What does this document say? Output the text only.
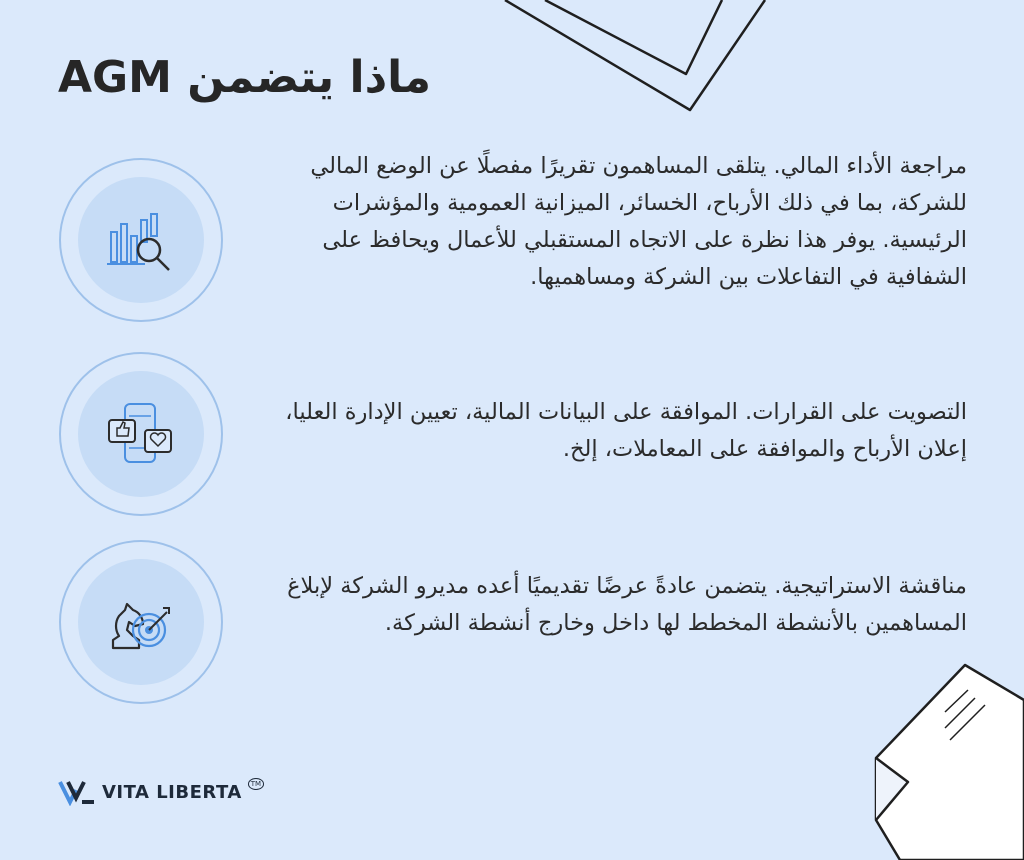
ماذا يتضمن AGM
مراجعة الأداء المالي. يتلقى المساهمون تقريرًا مفصلًا عن الوضع المالي للشركة، بما في ذلك الأرباح، الخسائر، الميزانية العمومية والمؤشرات الرئيسية. يوفر هذا نظرة على الاتجاه المستقبلي للأعمال ويحافظ على الشفافية في التفاعلات بين الشركة ومساهميها.
التصويت على القرارات. الموافقة على البيانات المالية، تعيين الإدارة العليا، إعلان الأرباح والموافقة على المعاملات، إلخ.
مناقشة الاستراتيجية. يتضمن عادةً عرضًا تقديميًا أعده مديرو الشركة لإبلاغ المساهمين بالأنشطة المخطط لها داخل وخارج أنشطة الشركة.
VITA LIBERTA	TM
